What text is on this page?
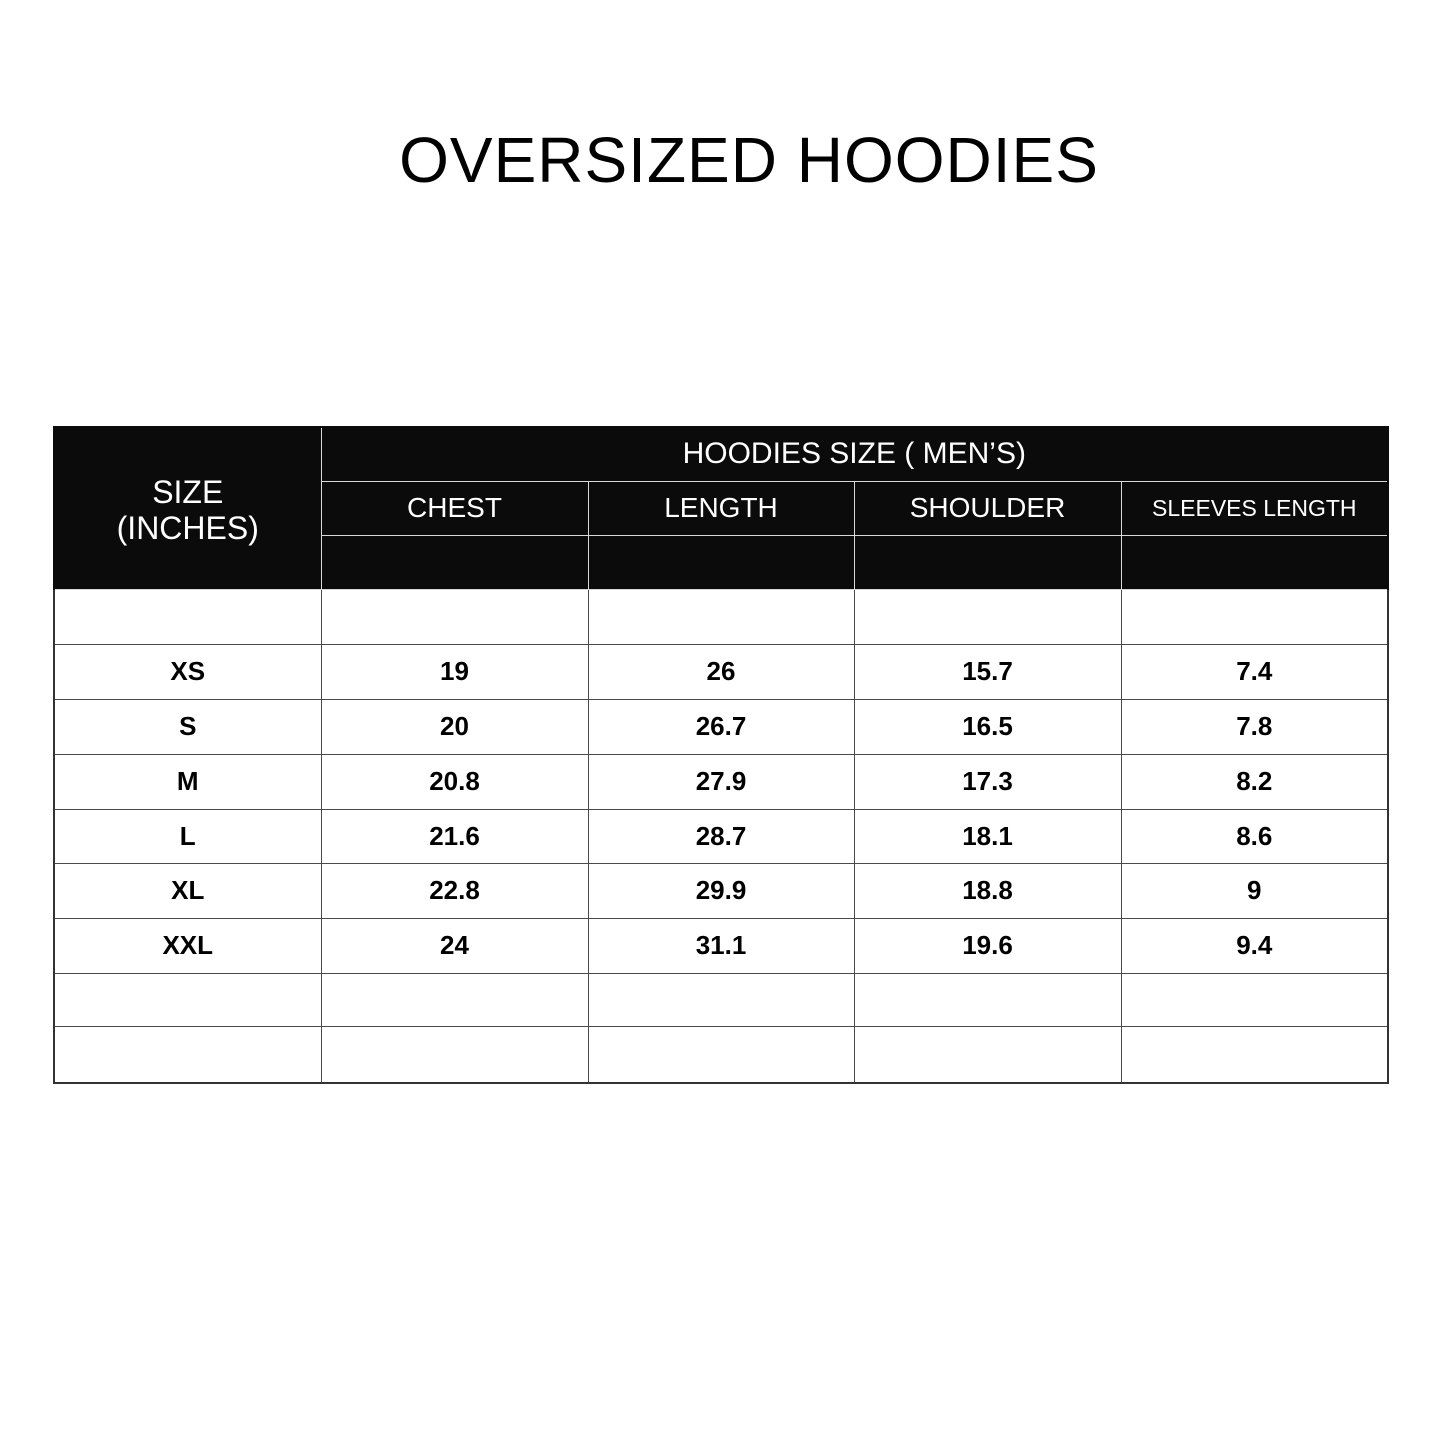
OVERSIZED HOODIES
SIZE
(INCHES)	HOODIES SIZE ( MEN’S)			
	CHEST	LENGTH	SHOULDER	SLEEVES LENGTH

XS	19	26	15.7	7.4
S	20	26.7	16.5	7.8
M	20.8	27.9	17.3	8.2
L	21.6	28.7	18.1	8.6
XL	22.8	29.9	18.8	9
XXL	24	31.1	19.6	9.4
